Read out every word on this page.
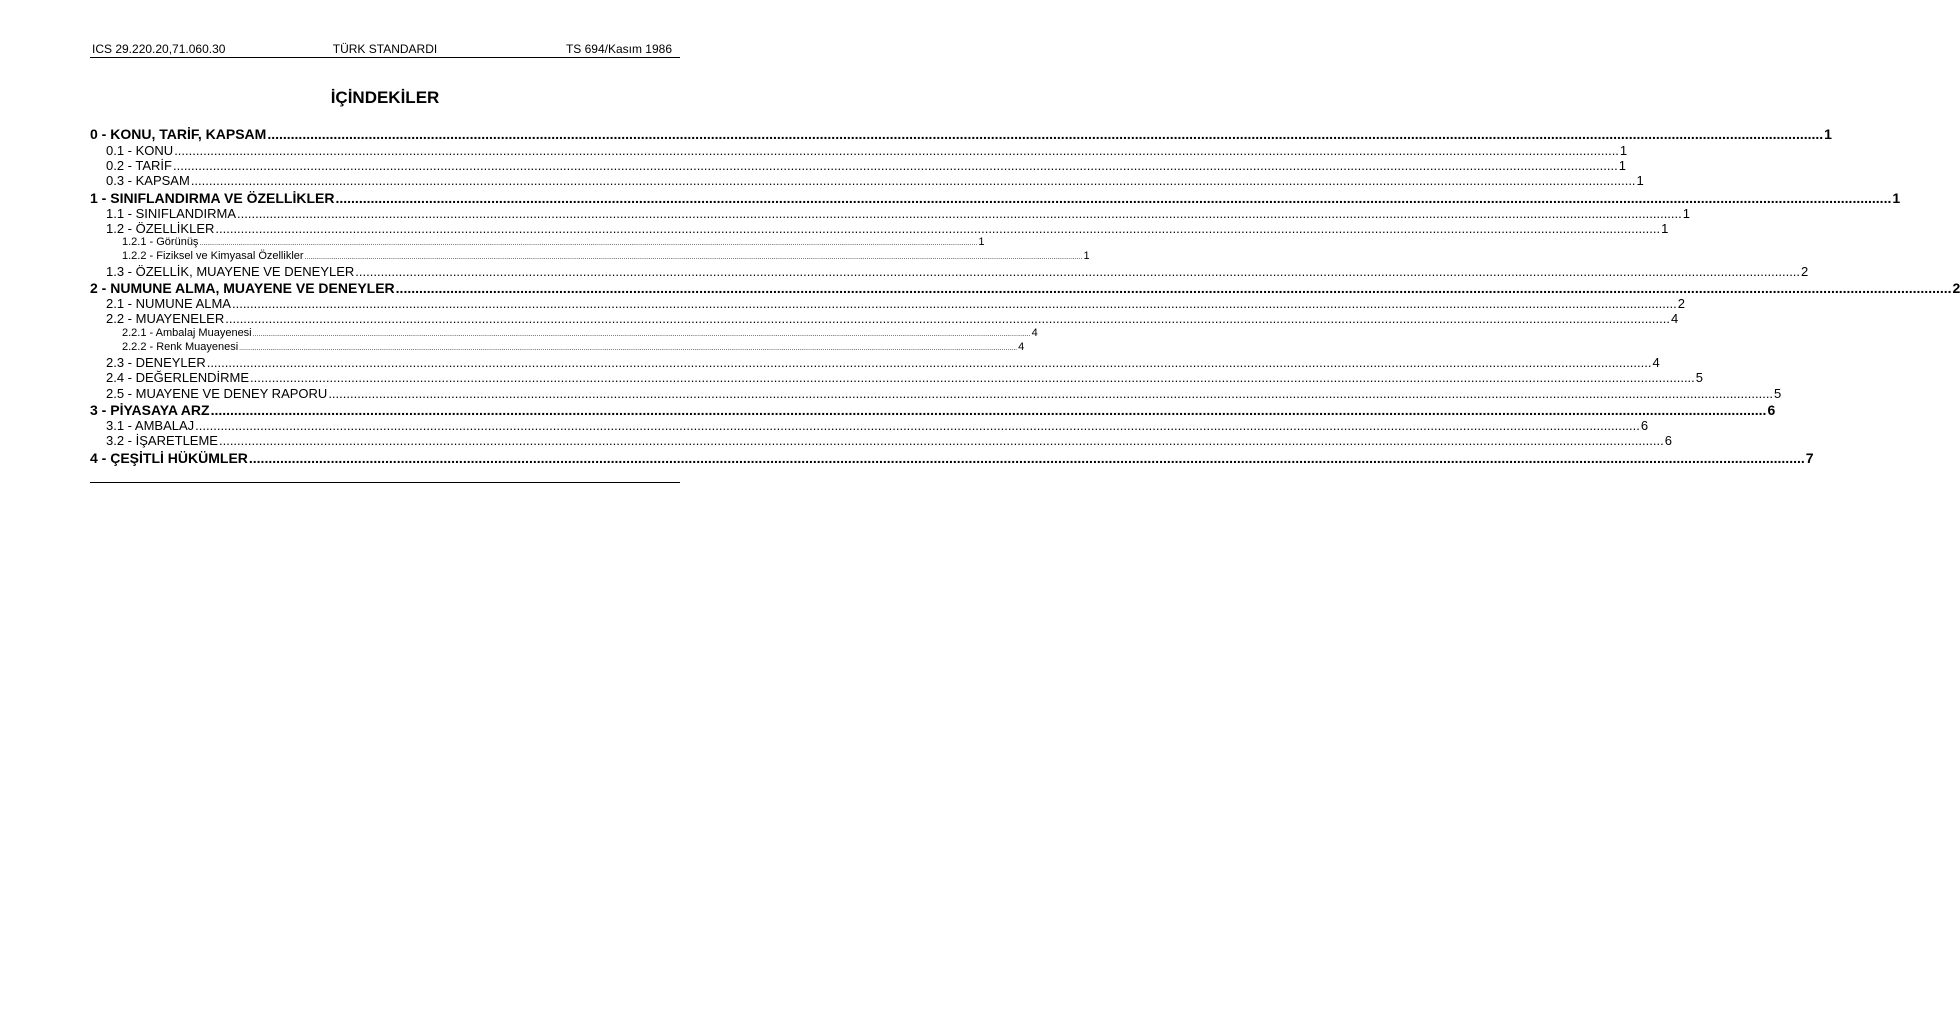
ICS 29.220.20,71.060.30	TÜRK STANDARDI	TS 694/Kasım 1986
İÇİNDEKİLER
0 - KONU, TARİF, KAPSAM ................................................................................................................................................................................................................................................................................................................................................................................................................ 1
0.1 - KONU ................................................................................................................................................................................................................................................................................................................................................................................................................ 1
0.2 - TARİF ................................................................................................................................................................................................................................................................................................................................................................................................................ 1
0.3 - KAPSAM ................................................................................................................................................................................................................................................................................................................................................................................................................ 1
1 - SINIFLANDIRMA VE ÖZELLİKLER ................................................................................................................................................................................................................................................................................................................................................................................................................ 1
1.1 - SINIFLANDIRMA ................................................................................................................................................................................................................................................................................................................................................................................................................ 1
1.2 - ÖZELLİKLER ................................................................................................................................................................................................................................................................................................................................................................................................................ 1
1.2.1 - Görünüş ................................................................................................................................................................................................................................................................................................................................................................................................................ 1
1.2.2 - Fiziksel ve Kimyasal Özellikler ................................................................................................................................................................................................................................................................................................................................................................................................................ 1
1.3 - ÖZELLİK, MUAYENE VE DENEYLER ................................................................................................................................................................................................................................................................................................................................................................................................................ 2
2 - NUMUNE ALMA, MUAYENE VE DENEYLER ................................................................................................................................................................................................................................................................................................................................................................................................................ 2
2.1 - NUMUNE ALMA ................................................................................................................................................................................................................................................................................................................................................................................................................ 2
2.2 - MUAYENELER ................................................................................................................................................................................................................................................................................................................................................................................................................ 4
2.2.1 - Ambalaj Muayenesi ................................................................................................................................................................................................................................................................................................................................................................................................................ 4
2.2.2 - Renk Muayenesi ................................................................................................................................................................................................................................................................................................................................................................................................................ 4
2.3 - DENEYLER ................................................................................................................................................................................................................................................................................................................................................................................................................ 4
2.4 - DEĞERLENDİRME ................................................................................................................................................................................................................................................................................................................................................................................................................ 5
2.5 - MUAYENE VE DENEY RAPORU ................................................................................................................................................................................................................................................................................................................................................................................................................ 5
3 - PİYASAYA ARZ ................................................................................................................................................................................................................................................................................................................................................................................................................ 6
3.1 - AMBALAJ ................................................................................................................................................................................................................................................................................................................................................................................................................ 6
3.2 - İŞARETLEME ................................................................................................................................................................................................................................................................................................................................................................................................................ 6
4 - ÇEŞİTLİ HÜKÜMLER ................................................................................................................................................................................................................................................................................................................................................................................................................ 7
